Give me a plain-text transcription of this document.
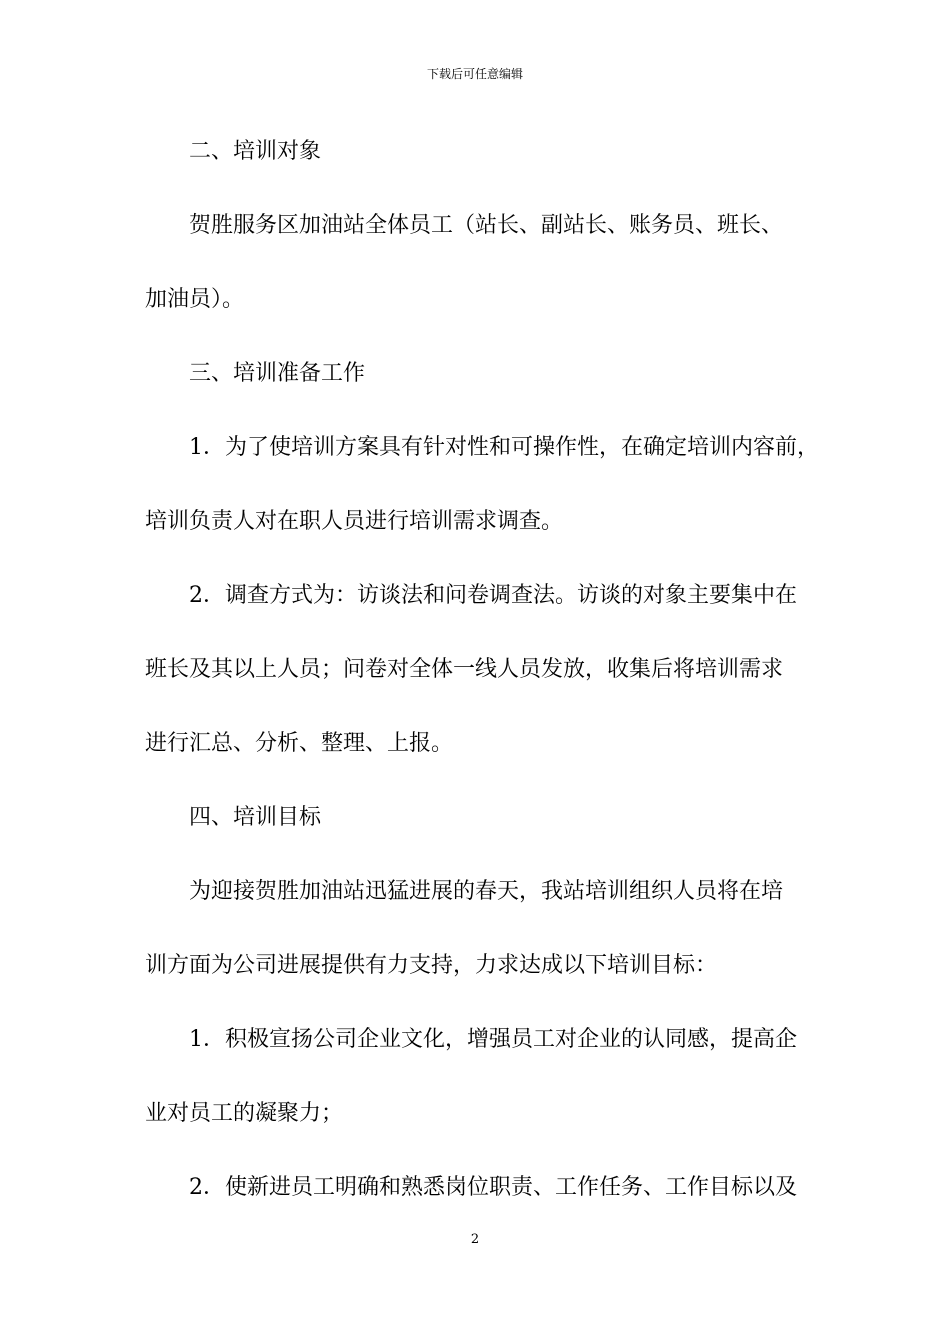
下载后可任意编辑
二、培训对象
贺胜服务区加油站全体员工（站长、副站长、账务员、班长、
加油员）。
三、培训准备工作
1．为了使培训方案具有针对性和可操作性，在确定培训内容前，
培训负责人对在职人员进行培训需求调查。
2．调查方式为：访谈法和问卷调查法。访谈的对象主要集中在
班长及其以上人员；问卷对全体一线人员发放，收集后将培训需求
进行汇总、分析、整理、上报。
四、培训目标
为迎接贺胜加油站迅猛进展的春天，我站培训组织人员将在培
训方面为公司进展提供有力支持，力求达成以下培训目标：
1．积极宣扬公司企业文化，增强员工对企业的认同感，提高企
业对员工的凝聚力；
2．使新进员工明确和熟悉岗位职责、工作任务、工作目标以及
2
